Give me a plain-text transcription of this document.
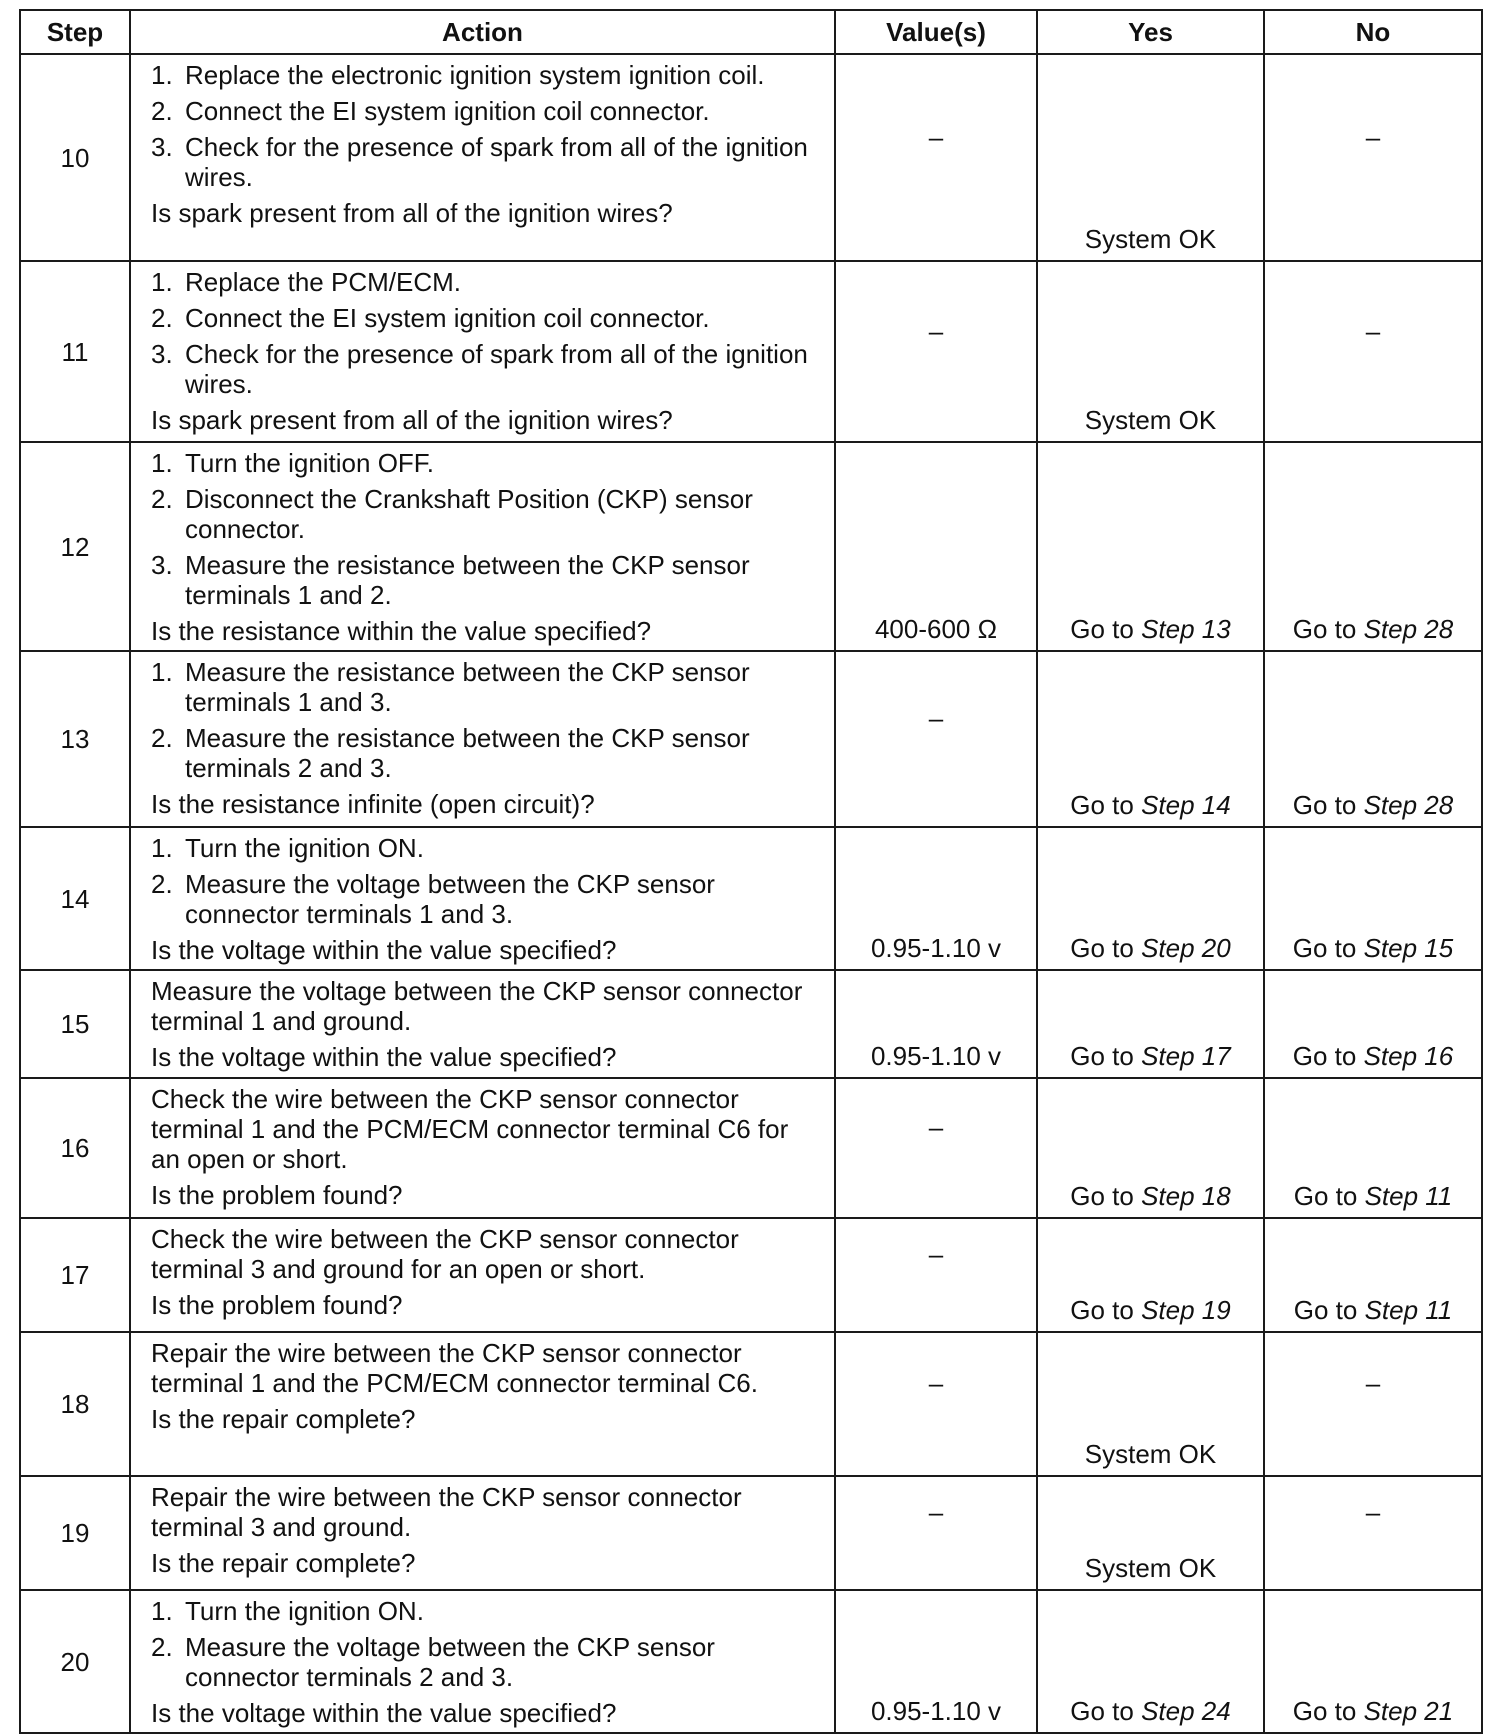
Step	Action	Value(s)	Yes	No
10	1. Replace the electronic ignition system ignition coil.
2. Connect the EI system ignition coil connector.
3. Check for the presence of spark from all of the ignition wires.
Is spark present from all of the ignition wires?	–	System OK	–

11	1. Replace the PCM/ECM.
2. Connect the EI system ignition coil connector.
3. Check for the presence of spark from all of the ignition wires.
Is spark present from all of the ignition wires?	–	System OK	–

12	1. Turn the ignition OFF.
2. Disconnect the Crankshaft Position (CKP) sensor connector.
3. Measure the resistance between the CKP sensor terminals 1 and 2.
Is the resistance within the value specified?	400-600 Ω	Go to Step 13	Go to Step 28
13	1. Measure the resistance between the CKP sensor terminals 1 and 3.
2. Measure the resistance between the CKP sensor terminals 2 and 3.
Is the resistance infinite (open circuit)?	–	Go to Step 14	Go to Step 28
14	1. Turn the ignition ON.
2. Measure the voltage between the CKP sensor connector terminals 1 and 3.
Is the voltage within the value specified?	0.95-1.10 v	Go to Step 20	Go to Step 15
15	Measure the voltage between the CKP sensor connector terminal 1 and ground.
Is the voltage within the value specified?	0.95-1.10 v	Go to Step 17	Go to Step 16
16	Check the wire between the CKP sensor connector terminal 1 and the PCM/ECM connector terminal C6 for an open or short.
Is the problem found?	–	Go to Step 18	Go to Step 11
17	Check the wire between the CKP sensor connector terminal 3 and ground for an open or short.
Is the problem found?	–	Go to Step 19	Go to Step 11
18	Repair the wire between the CKP sensor connector terminal 1 and the PCM/ECM connector terminal C6.
Is the repair complete?	–	System OK	–

19	Repair the wire between the CKP sensor connector terminal 3 and ground.
Is the repair complete?	–	System OK	–

20	1. Turn the ignition ON.
2. Measure the voltage between the CKP sensor connector terminals 2 and 3.
Is the voltage within the value specified?	0.95-1.10 v	Go to Step 24	Go to Step 21
